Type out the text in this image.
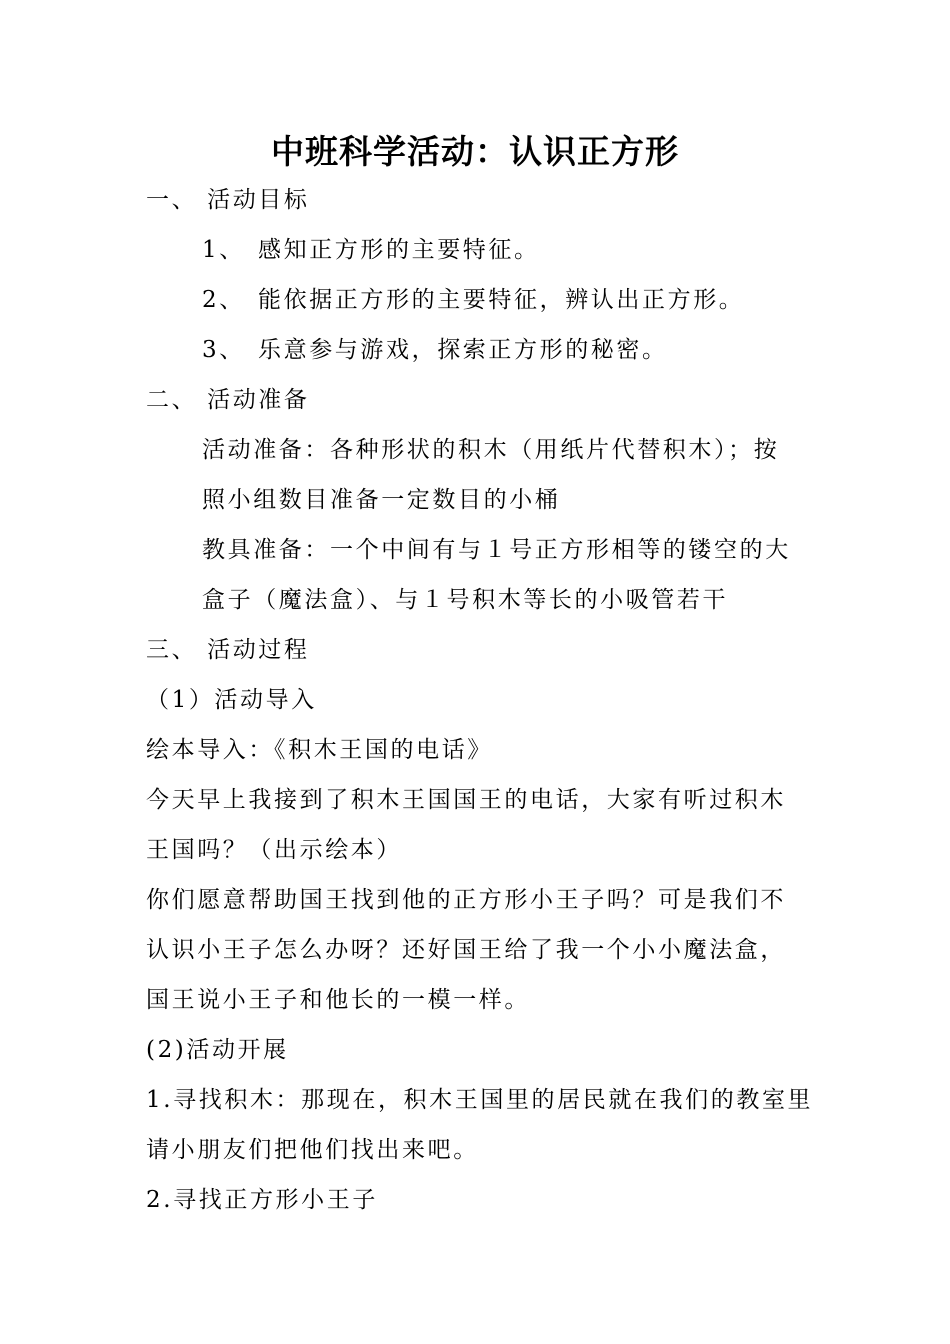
中班科学活动：认识正方形
一、 活动目标
1、 感知正方形的主要特征。
2、 能依据正方形的主要特征，辨认出正方形。
3、 乐意参与游戏，探索正方形的秘密。
二、 活动准备
活动准备：各种形状的积木（用纸片代替积木）；按
照小组数目准备一定数目的小桶
教具准备：一个中间有与１号正方形相等的镂空的大
盒子（魔法盒）、与１号积木等长的小吸管若干
三、 活动过程
（1）活动导入
绘本导入：《积木王国的电话》
今天早上我接到了积木王国国王的电话，大家有听过积木
王国吗？（出示绘本）
你们愿意帮助国王找到他的正方形小王子吗？可是我们不
认识小王子怎么办呀？还好国王给了我一个小小魔法盒，
国王说小王子和他长的一模一样。
(2)活动开展
1.寻找积木：那现在，积木王国里的居民就在我们的教室里
请小朋友们把他们找出来吧。
2.寻找正方形小王子
